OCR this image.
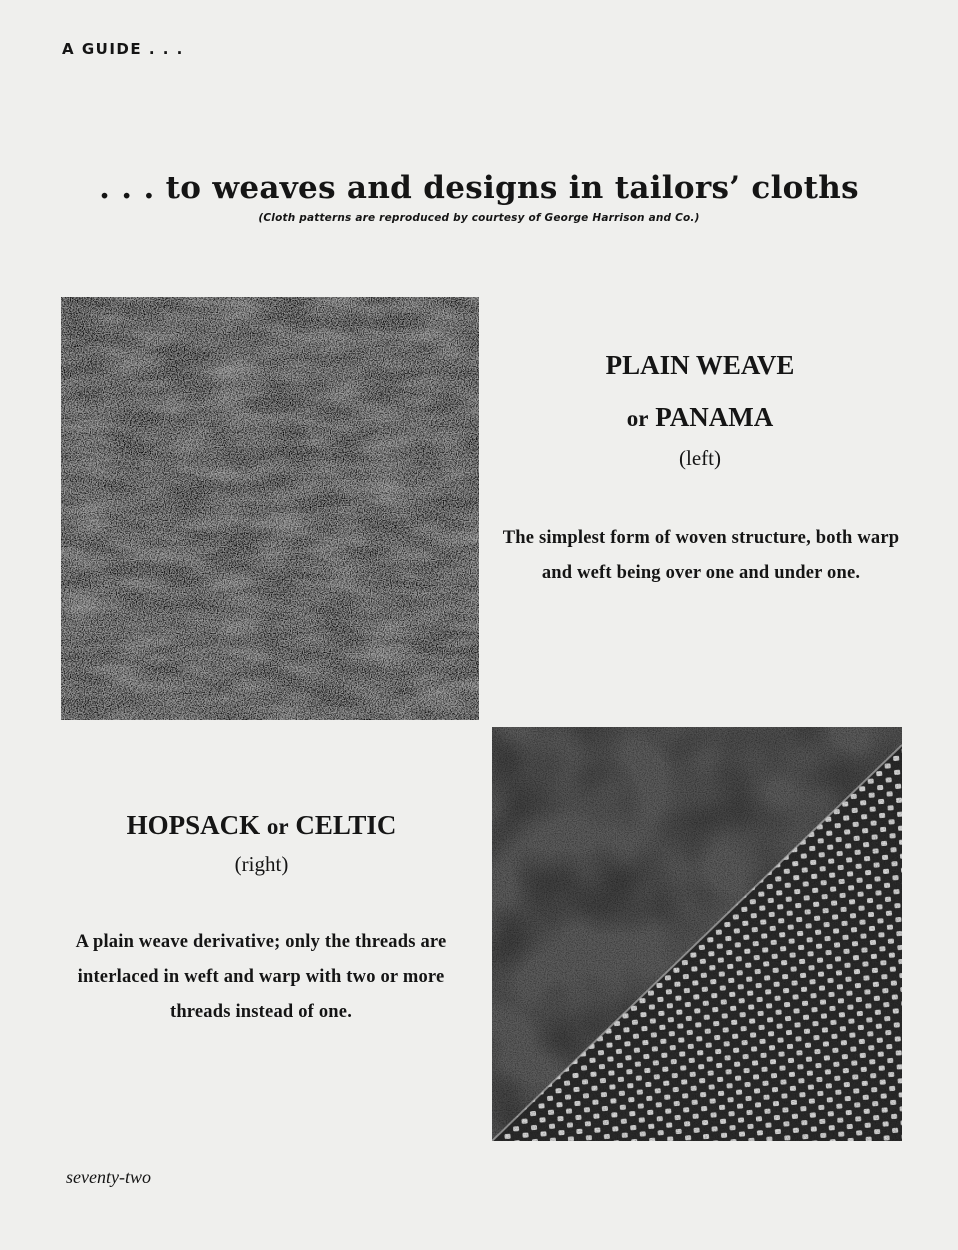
A GUIDE . . .
. . . to weaves and designs in tailors’ cloths
(Cloth patterns are reproduced by courtesy of George Harrison and Co.)
PLAIN WEAVE
or PANAMA
(left)
The simplest form of woven structure, both warp and weft being over one and under one.
HOPSACK or CELTIC
(right)
A plain weave derivative; only the threads are interlaced in weft and warp with two or more threads instead of one.
seventy-two
